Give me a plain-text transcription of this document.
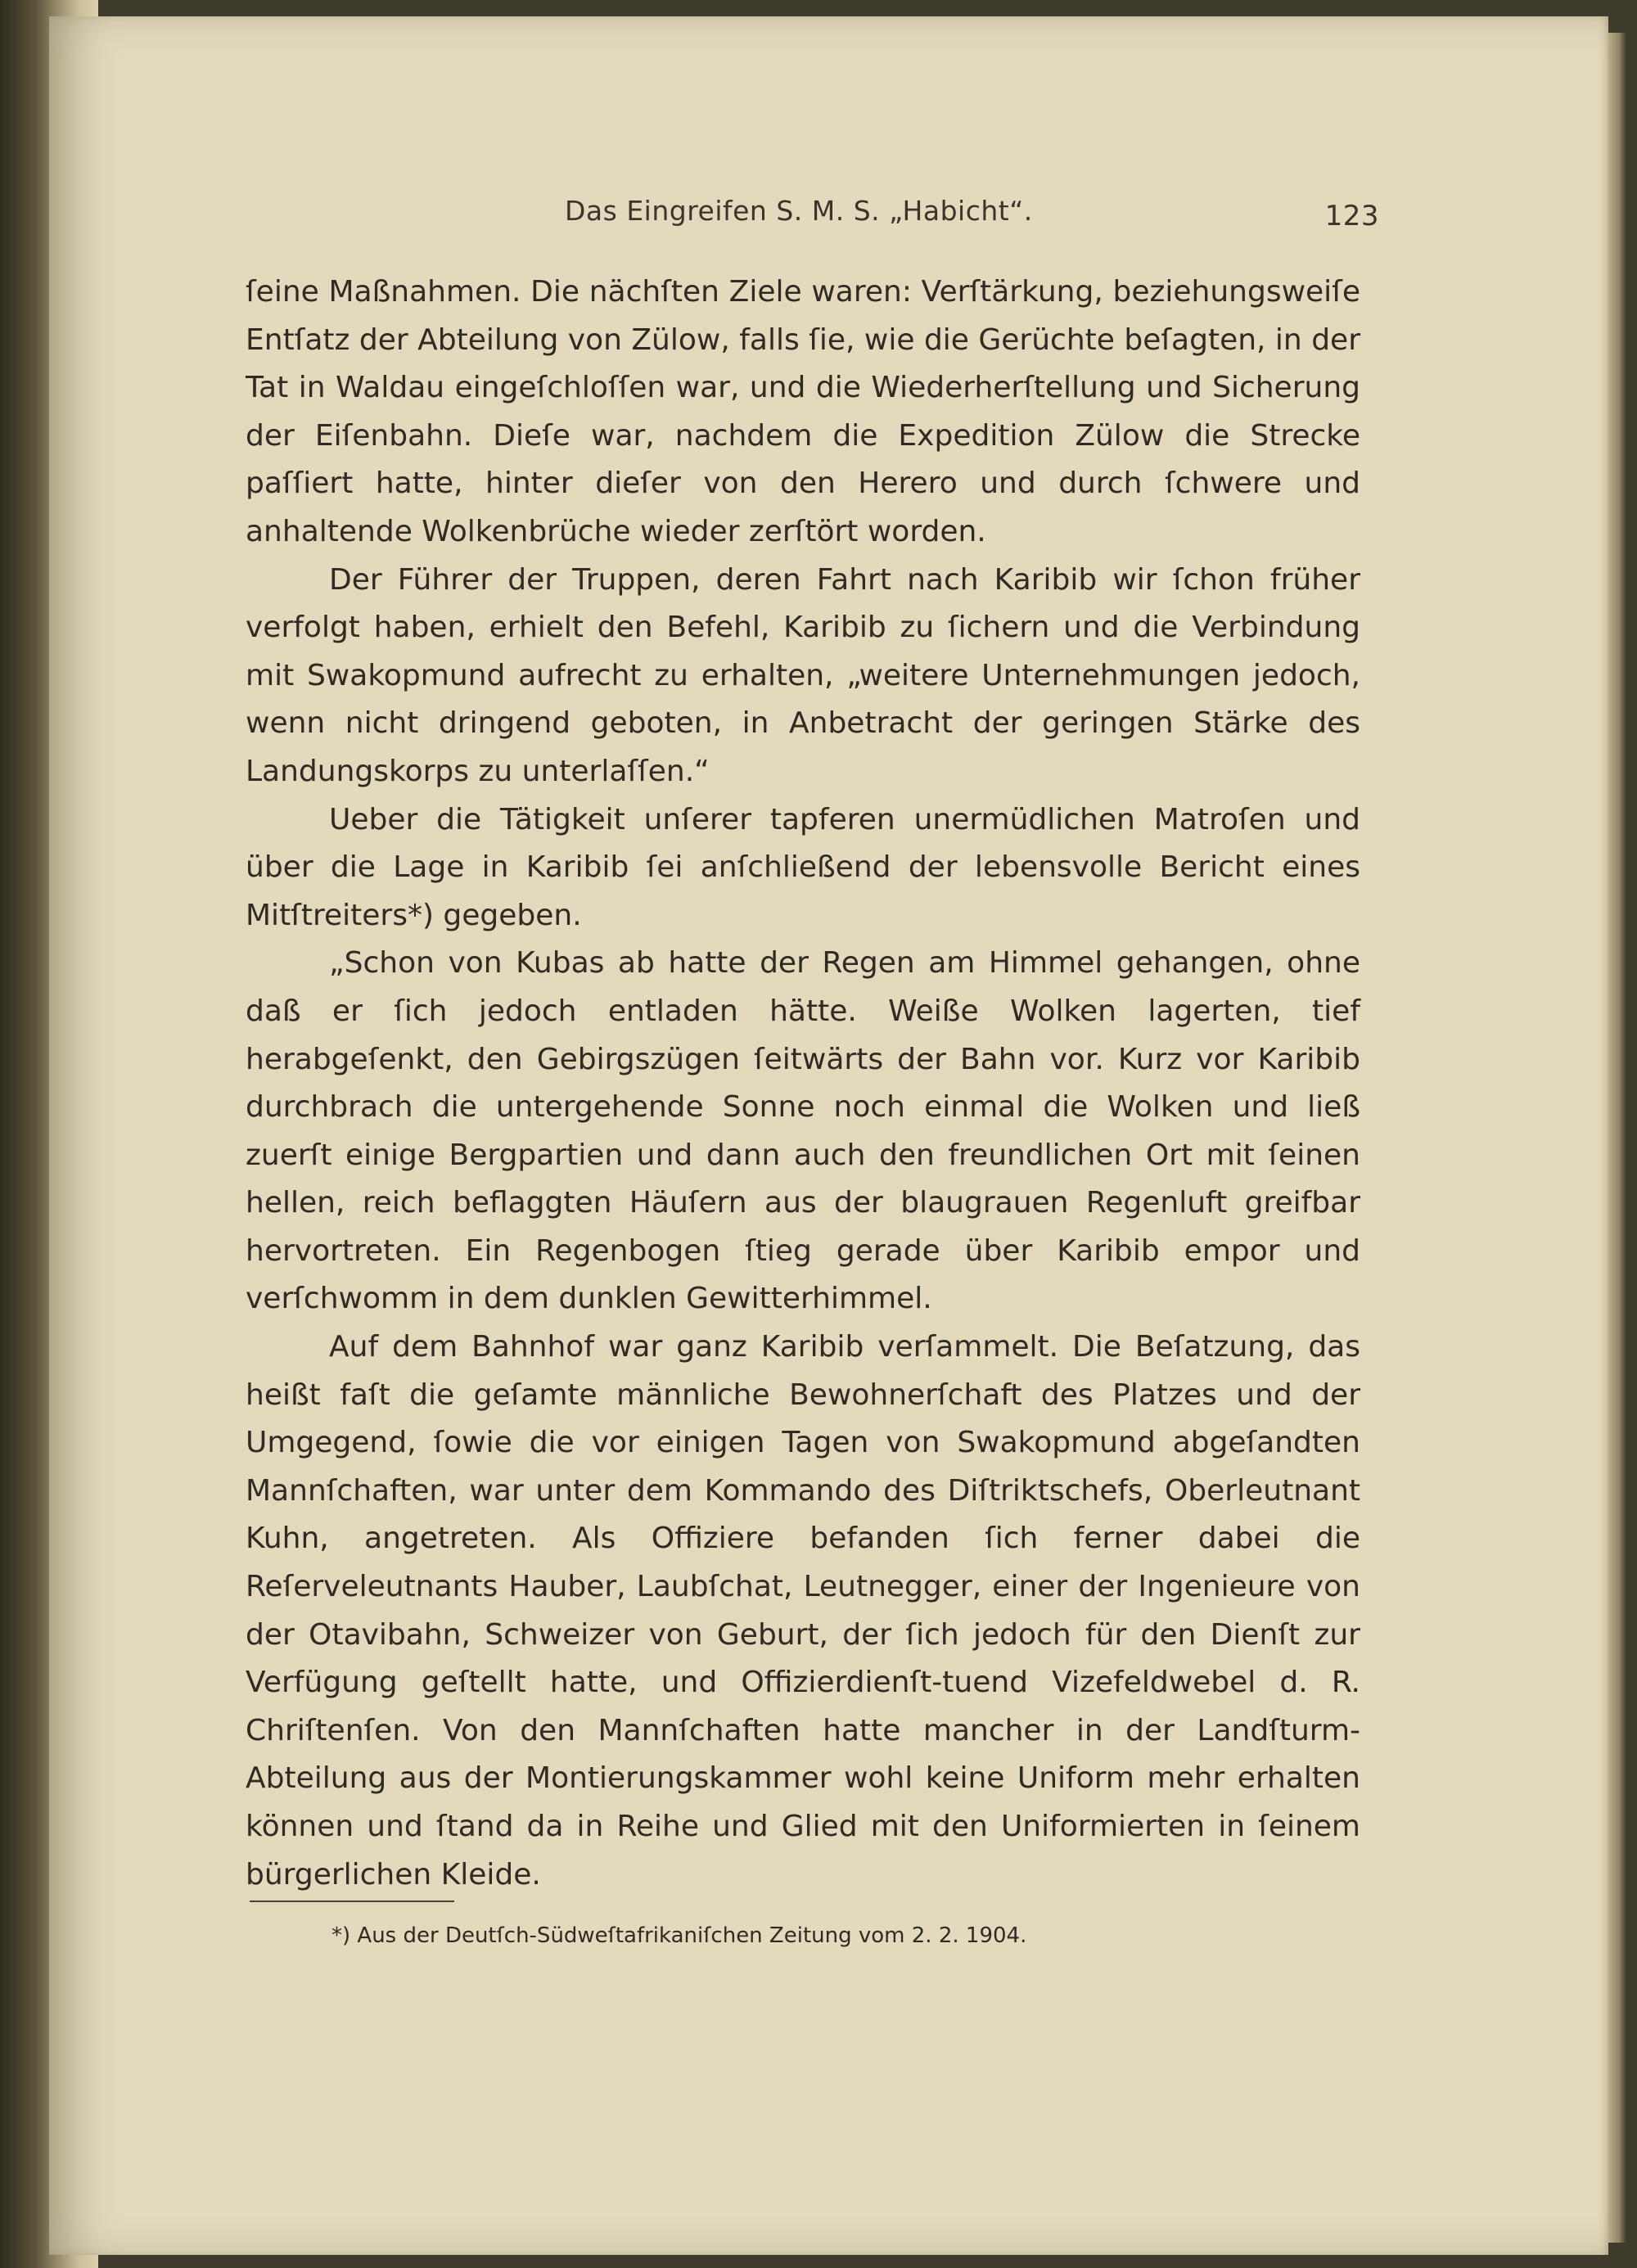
Das Eingreifen S. M. S. „Habicht“.	123

ſeine Maßnahmen. Die nächſten Ziele waren: Verſtärkung, beziehungsweiſe Entſatz der Abteilung von Zülow, falls ſie, wie die Gerüchte beſagten, in der Tat in Waldau eingeſchloſſen war, und die Wiederherſtellung und Sicherung der Eiſenbahn. Dieſe war, nachdem die Expedition Zülow die Strecke paſſiert hatte, hinter dieſer von den Herero und durch ſchwere und anhaltende Wolkenbrüche wieder zerſtört worden.

Der Führer der Truppen, deren Fahrt nach Karibib wir ſchon früher verfolgt haben, erhielt den Befehl, Karibib zu ſichern und die Verbindung mit Swakopmund aufrecht zu erhalten, „weitere Unternehmungen jedoch, wenn nicht dringend geboten, in Anbetracht der geringen Stärke des Landungskorps zu unterlaſſen.“

Ueber die Tätigkeit unſerer tapferen unermüdlichen Matroſen und über die Lage in Karibib ſei anſchließend der lebensvolle Bericht eines Mitſtreiters*) gegeben.

„Schon von Kubas ab hatte der Regen am Himmel gehangen, ohne daß er ſich jedoch entladen hätte. Weiße Wolken lagerten, tief herabgeſenkt, den Gebirgszügen ſeitwärts der Bahn vor. Kurz vor Karibib durchbrach die untergehende Sonne noch einmal die Wolken und ließ zuerſt einige Bergpartien und dann auch den freundlichen Ort mit ſeinen hellen, reich beflaggten Häuſern aus der blaugrauen Regenluft greifbar hervortreten. Ein Regenbogen ſtieg gerade über Karibib empor und verſchwomm in dem dunklen Gewitterhimmel.

Auf dem Bahnhof war ganz Karibib verſammelt. Die Beſatzung, das heißt faſt die geſamte männliche Bewohnerſchaft des Platzes und der Umgegend, ſowie die vor einigen Tagen von Swakopmund abgeſandten Mannſchaften, war unter dem Kommando des Diſtriktschefs, Oberleutnant Kuhn, angetreten. Als Offiziere befanden ſich ferner dabei die Reſerveleutnants Hauber, Laubſchat, Leutnegger, einer der Ingenieure von der Otavibahn, Schweizer von Geburt, der ſich jedoch für den Dienſt zur Verfügung geſtellt hatte, und Offizierdienſt-tuend Vizefeldwebel d. R. Chriſtenſen. Von den Mannſchaften hatte mancher in der Landſturm-Abteilung aus der Montierungskammer wohl keine Uniform mehr erhalten können und ſtand da in Reihe und Glied mit den Uniformierten in ſeinem bürgerlichen Kleide.

*) Aus der Deutſch-Südweſtafrikaniſchen Zeitung vom 2. 2. 1904.
